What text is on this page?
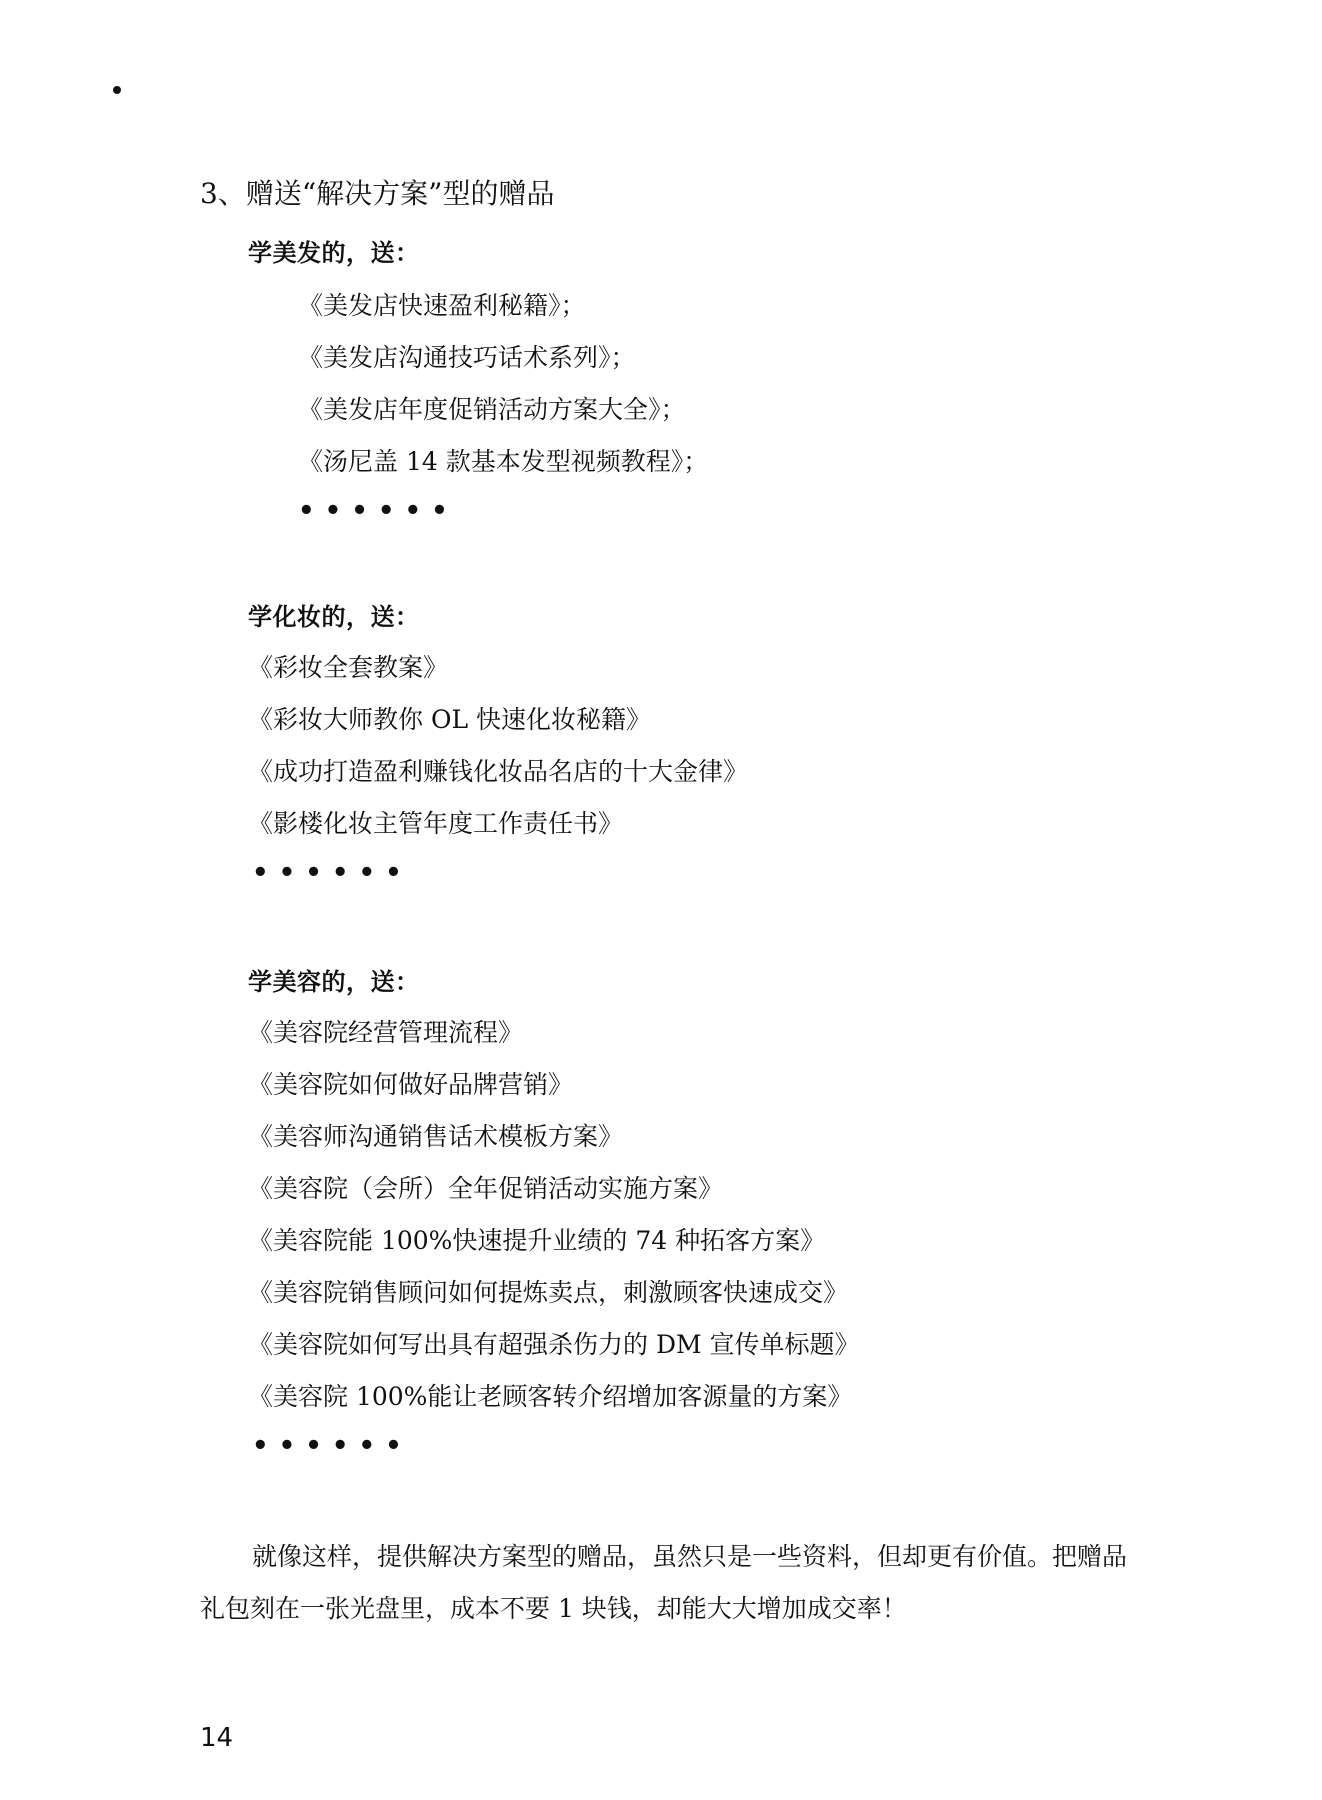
3、赠送“解决方案”型的赠品
学美发的，送：
《美发店快速盈利秘籍》；
《美发店沟通技巧话术系列》；
《美发店年度促销活动方案大全》；
《汤尼盖 14 款基本发型视频教程》；
••••••
学化妆的，送：
《彩妆全套教案》
《彩妆大师教你 OL 快速化妆秘籍》
《成功打造盈利赚钱化妆品名店的十大金律》
《影楼化妆主管年度工作责任书》
••••••
学美容的，送：
《美容院经营管理流程》
《美容院如何做好品牌营销》
《美容师沟通销售话术模板方案》
《美容院（会所）全年促销活动实施方案》
《美容院能 100%快速提升业绩的 74 种拓客方案》
《美容院销售顾问如何提炼卖点，刺激顾客快速成交》
《美容院如何写出具有超强杀伤力的 DM 宣传单标题》
《美容院 100%能让老顾客转介绍增加客源量的方案》
••••••
就像这样，提供解决方案型的赠品，虽然只是一些资料，但却更有价值。把赠品礼包刻在一张光盘里，成本不要 1 块钱，却能大大增加成交率！
14
